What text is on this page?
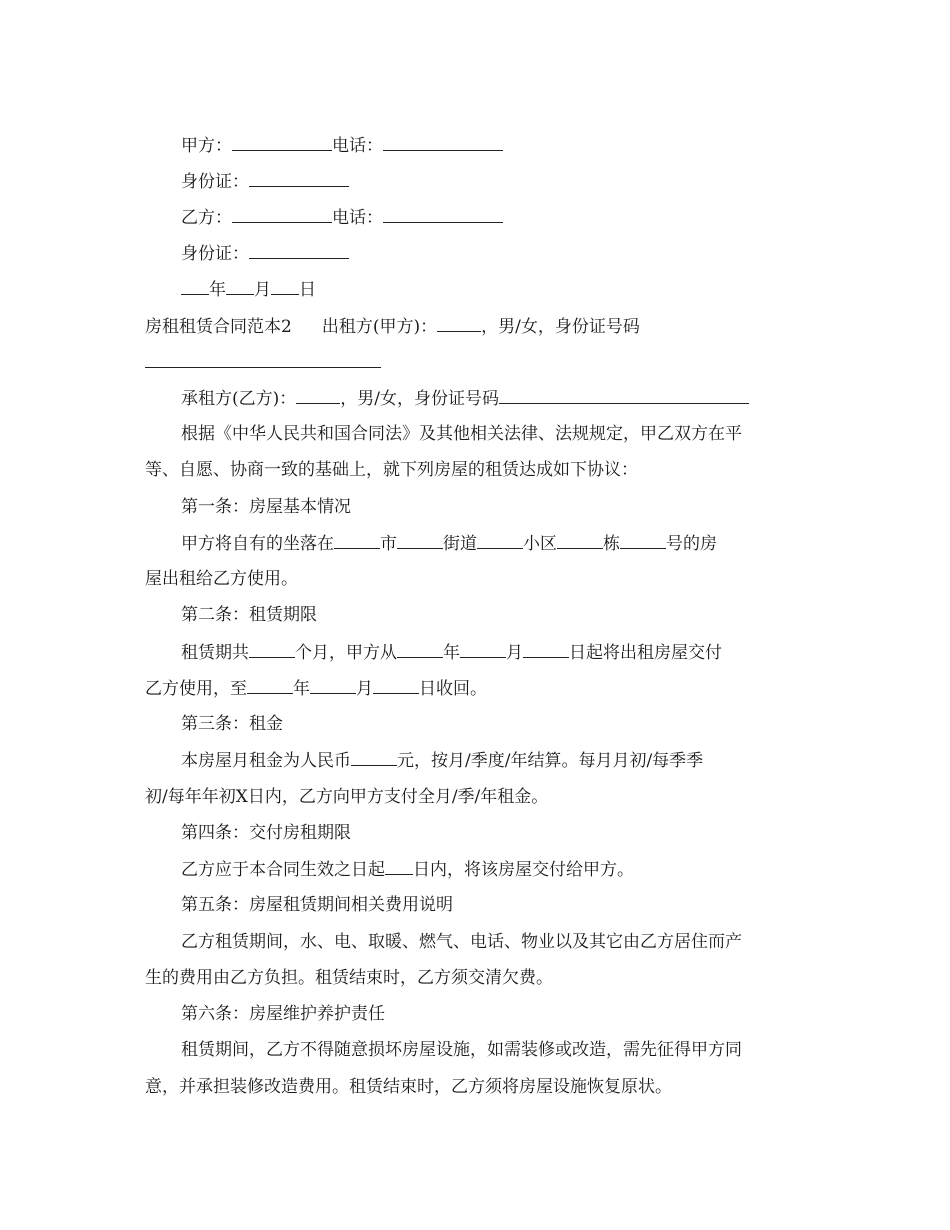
甲方：	电话：
身份证：
乙方：	电话：
身份证：
年 月 日
房租租赁合同范本2 出租方(甲方)：	，男/女，身份证号码
承租方(乙方)：	，男/女，身份证号码
根据《中华人民共和国合同法》及其他相关法律、法规规定，甲乙双方在平
等、自愿、协商一致的基础上，就下列房屋的租赁达成如下协议：
第一条：房屋基本情况
甲方将自有的坐落在	市	街道	小区	栋	号的房
屋出租给乙方使用。
第二条：租赁期限
租赁期共	个月，甲方从	年	月	日起将出租房屋交付
乙方使用，至	年	月	日收回。
第三条：租金
本房屋月租金为人民币	元，按月/季度/年结算。每月月初/每季季
初/每年年初X日内，乙方向甲方支付全月/季/年租金。
第四条：交付房租期限
乙方应于本合同生效之日起 日内，将该房屋交付给甲方。
第五条：房屋租赁期间相关费用说明
乙方租赁期间，水、电、取暖、燃气、电话、物业以及其它由乙方居住而产
生的费用由乙方负担。租赁结束时，乙方须交清欠费。
第六条：房屋维护养护责任
租赁期间，乙方不得随意损坏房屋设施，如需装修或改造，需先征得甲方同
意，并承担装修改造费用。租赁结束时，乙方须将房屋设施恢复原状。
